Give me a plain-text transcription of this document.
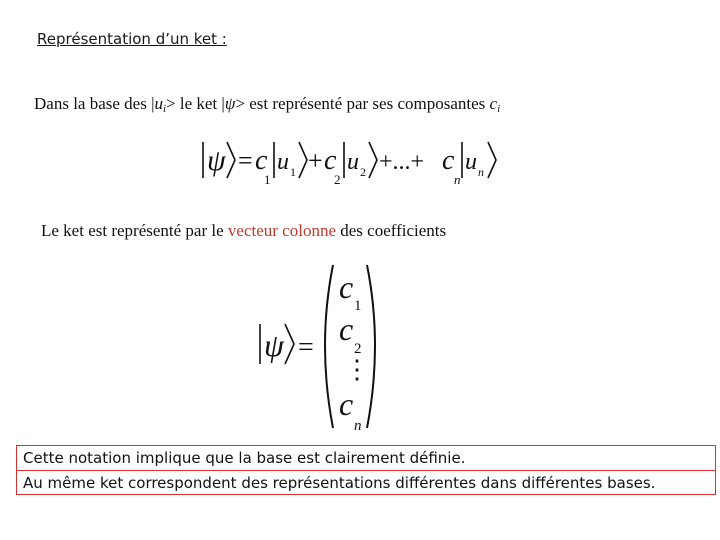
Représentation d’un ket :
Dans la base des $|u_i>$ le ket |ψ> est représenté par ses composantes $c_i$
ψ = c
1
u 1 + c
2
u 2 +...+ c
n
u n
Le ket est représenté par le vecteur colonne des coefficients
ψ =
c
1
c
2
⋮
c
n
Cette notation implique que la base est clairement définie.
Au même ket correspondent des représentations différentes dans différentes bases.
